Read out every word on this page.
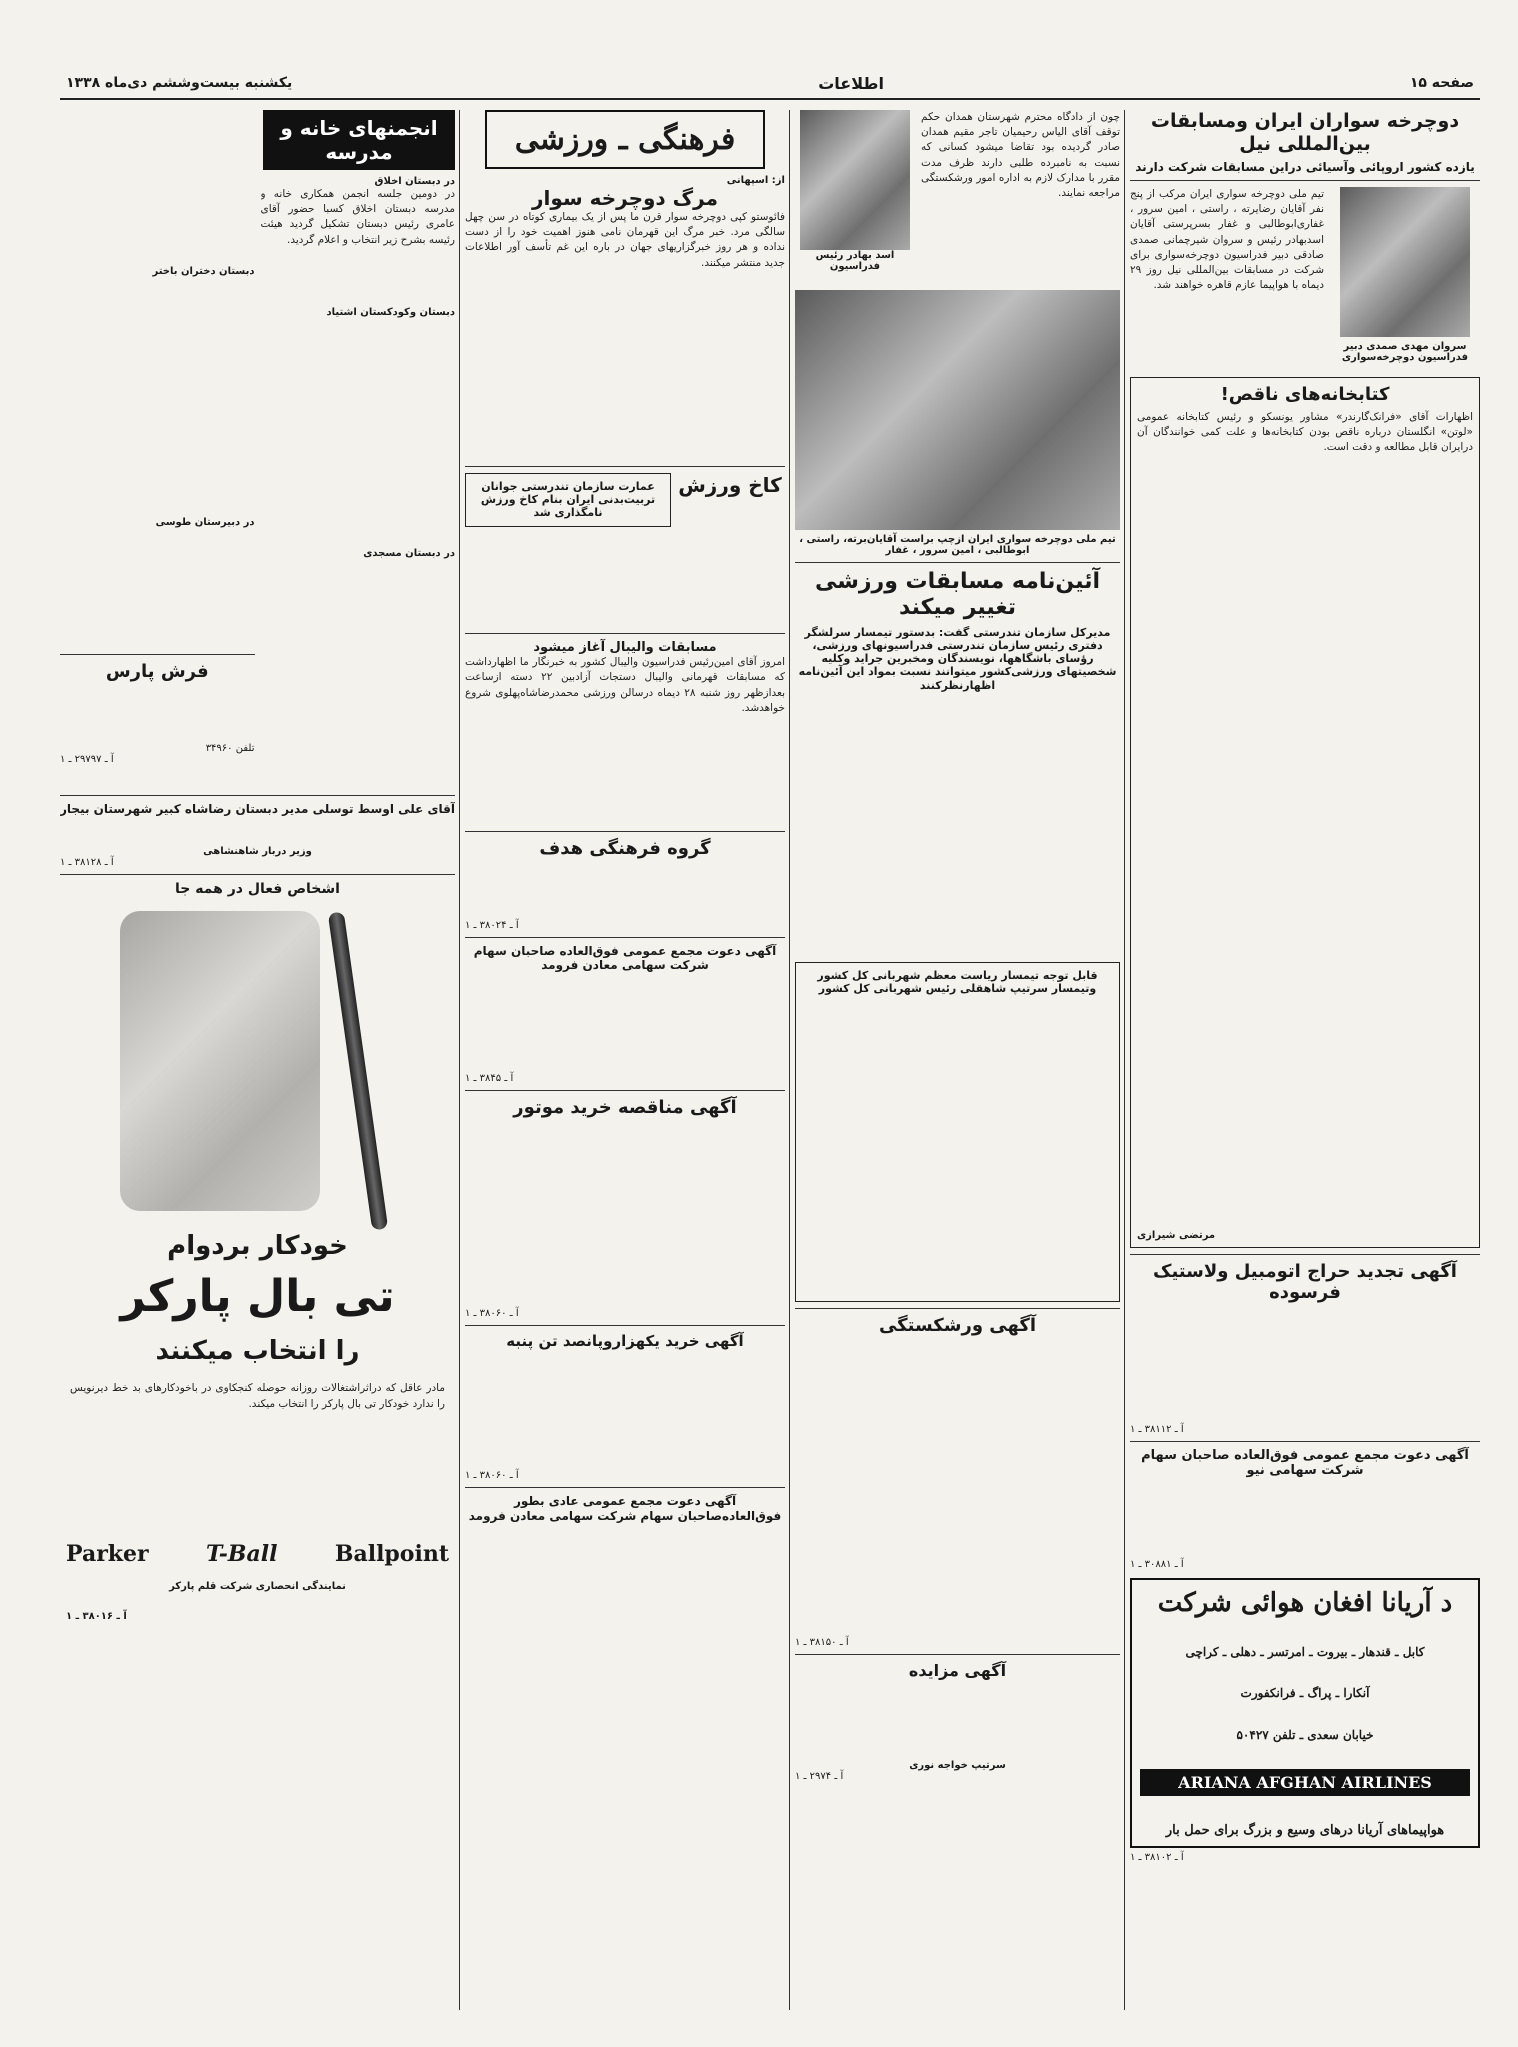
صفحه ۱۵
اطلاعات
یکشنبه بیست‌وششم دی‌ماه ۱۳۳۸
دوچرخه سواران ایران ومسابقات بین‌المللی نیل
یازده کشور اروپائی وآسیائی دراین مسابقات شرکت دارند
سروان مهدی صمدی دبیر فدراسیون دوچرخه‌سواری
تیم ملی دوچرخه سواری ایران مرکب از پنج نفر آقایان رضایرته ، راستی ، امین سرور ، غفاری‌ابوطالبی و غفار بسرپرستی آقایان اسدبهادر رئیس و سروان شیرچمانی صمدی صادقی دبیر فدراسیون دوچرخه‌سواری برای شرکت در مسابقات بین‌المللی نیل روز ۲۹ دیماه با هواپیما عازم قاهره خواهند شد.
کتابخانه‌های ناقص!
اظهارات آقای «فرانک‌گارندر» مشاور یونسکو و رئیس کتابخانه عمومی «لوتن» انگلستان درباره ناقص بودن کتابخانه‌ها و علت کمی خوانندگان آن درایران قابل مطالعه و دقت است.
مرتضی شیرازی
آگهی تجدید حراج اتومبیل ولاستیک فرسوده
آ ـ ۳۸۱۱۲ ـ ۱
آگهی دعوت مجمع عمومی فوق‌العاده صاحبان سهام شرکت سهامی نیو
آ ـ ۳۰۸۸۱ ـ ۱
د آریانا افغان هوائی شرکت
کابل ـ قندهار ـ بیروت ـ امرتسر ـ دهلی ـ کراچی
آنکارا ـ پراگ ـ فرانکفورت
خیابان سعدی ـ تلفن ۵۰۴۲۷
ARIANA AFGHAN AIRLINES
هواپیماهای آریانا درهای وسیع و بزرگ برای حمل بار
آ ـ ۳۸۱۰۲ ـ ۱
چون از دادگاه محترم شهرستان همدان حکم توقف آقای الیاس رحیمیان تاجر مقیم همدان صادر گردیده بود تقاضا میشود کسانی که نسبت به نامبرده طلبی دارند ظرف مدت مقرر با مدارک لازم به اداره امور ورشکستگی مراجعه نمایند.
اسد بهادر رئیس فدراسیون
تیم ملی دوچرخه سواری ایران ازچپ براست آقایان‌برته، راستی ، ابوطالبی ، امین سرور ، غفار
آئین‌نامه مسابقات ورزشی تغییر میکند
مدیرکل سازمان تندرستی گفت: بدستور تیمسار سرلشگر دفتری رئیس سازمان تندرستی فدراسیونهای ورزشی، رؤسای باشگاهها، نویسندگان ومخبرین جراید وکلیه شخصیتهای ورزشی‌کشور میتوانند نسبت بمواد این آئین‌نامه اظهارنظرکنند
قابل توجه تیمسار ریاست معظم شهربانی کل کشور وتیمسار سرتیپ شاهقلی رئیس شهربانی کل کشور
آگهی ورشکستگی
آ ـ ۳۸۱۵۰ ـ ۱
آگهی مزایده
سرتیپ خواجه نوری
آ ـ ۲۹۷۴ ـ ۱
فرهنگی ـ ورزشی
از: اسپهانی
مرگ دوچرخه سوار
فائوستو کپی دوچرخه سوار قرن ما پس از یک بیماری کوتاه در سن چهل سالگی مرد. خبر مرگ این قهرمان نامی هنوز اهمیت خود را از دست نداده و هر روز خبرگزاریهای جهان در باره این غم تأسف آور اطلاعات جدید منتشر میکنند.
کاخ ورزش
عمارت سازمان تندرستی جوانان تربیت‌بدنی ایران بنام کاخ ورزش نامگذاری شد
مسابقات والیبال آغاز میشود
امروز آقای امین‌رئیس فدراسیون والیبال کشور به خبرنگار ما اظهارداشت که مسابقات قهرمانی والیبال دستجات آزادبین ۲۲ دسته ازساعت بعدازظهر روز شنبه ۲۸ دیماه درسالن ورزشی محمدرضاشاه‌پهلوی شروع خواهدشد.
گروه فرهنگی هدف
آ ـ ۳۸۰۲۴ ـ ۱
آگهی دعوت مجمع عمومی فوق‌العاده صاحبان سهام شرکت سهامی معادن فرومد
آ ـ ۳۸۴۵ ـ ۱
آگهی مناقصه خرید موتور
آ ـ ۳۸۰۶۰ ـ ۱
آگهی خرید یکهزاروپانصد تن پنبه
آ ـ ۳۸۰۶۰ ـ ۱
آگهی دعوت مجمع عمومی عادی بطور فوق‌العاده‌صاحبان سهام شرکت سهامی معادن فرومد
انجمنهای خانه و مدرسه
در دبستان اخلاق
در دومین جلسه انجمن همکاری خانه و مدرسه دبستان اخلاق کسبا حضور آقای عامری رئیس دبستان تشکیل گردید هیئت رئیسه بشرح زیر انتخاب و اعلام گردید.
دبستان وکودکستان اشتیاد
در دبستان مسجدی
دبستان دختران باختر
در دبیرستان طوسی
فرش پارس
تلفن ۳۴۹۶۰
آ ـ ۲۹۷۹۷ ـ ۱
آقای علی اوسط توسلی مدیر دبستان رضاشاه کبیر شهرستان بیجار
وزیر دربار شاهنشاهی
آ ـ ۳۸۱۲۸ ـ ۱
اشخاص فعال در همه جا
خودکار بردوام
تی بال پارکر
را انتخاب میکنند
مادر عاقل که دراثراشتغالات روزانه حوصله کنجکاوی در باخودکارهای بد خط دیرنویس را ندارد خودکار تی بال پارکر را انتخاب میکند.
Parker	T-Ball	Ballpoint
نمایندگی انحصاری شرکت قلم پارکر
آ ـ ۳۸۰۱۶ ـ ۱
